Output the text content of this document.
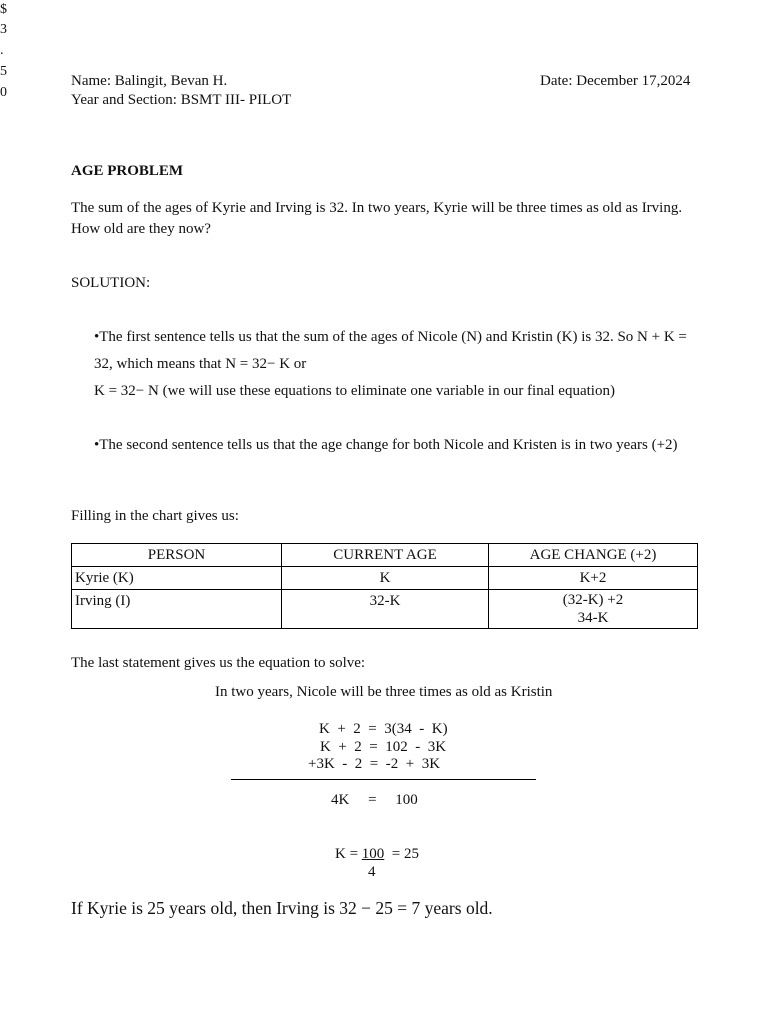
$
3
.
5
0
Name: Balingit, Bevan H.	Date: December 17,2024
Year and Section: BSMT III- PILOT
AGE PROBLEM
The sum of the ages of Kyrie and Irving is 32. In two years, Kyrie will be three times as old as Irving. How old are they now?
SOLUTION:
•The first sentence tells us that the sum of the ages of Nicole (N) and Kristin (K) is 32. So N + K = 32, which means that N = 32− K or
K = 32− N (we will use these equations to eliminate one variable in our final equation)
•The second sentence tells us that the age change for both Nicole and Kristen is in two years (+2)
Filling in the chart gives us:
PERSON	CURRENT AGE	AGE CHANGE (+2)
Kyrie (K)	K	K+2
Irving (I)	32-K	(32-K) +2
34-K
The last statement gives us the equation to solve:
In two years, Nicole will be three times as old as Kristin
K  +  2  =  3(34  -  K)
K  +  2  =  102  -  3K
+3K  -  2  =  -2  +  3K
4K     =     100
K = 100  = 25
4
If Kyrie is 25 years old, then Irving is 32 − 25 = 7 years old.
